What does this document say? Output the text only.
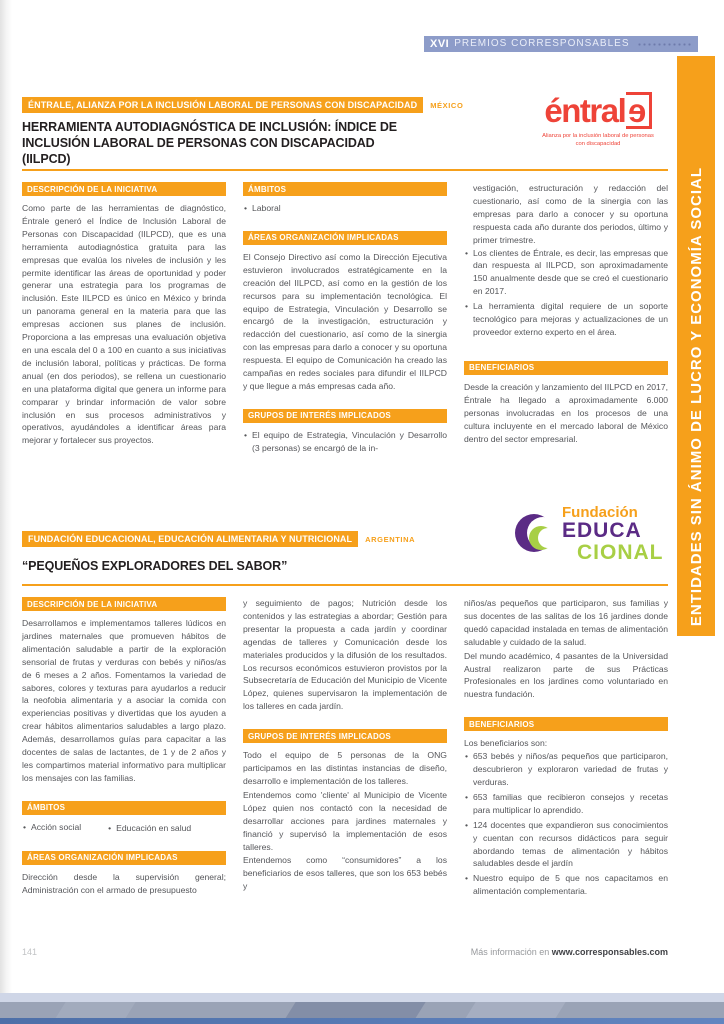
XVI PREMIOS CORRESPONSABLES
ENTIDADES SIN ÁNIMO DE LUCRO Y ECONOMÍA SOCIAL
ÉNTRALE, ALIANZA POR LA INCLUSIÓN LABORAL DE PERSONAS CON DISCAPACIDAD	MÉXICO
HERRAMIENTA AUTODIAGNÓSTICA DE INCLUSIÓN: ÍNDICE DE INCLUSIÓN LABORAL DE PERSONAS CON DISCAPACIDAD (IILPCD)
éntral e
Alianza por la inclusión laboral de personas con discapacidad
DESCRIPCIÓN DE LA INICIATIVA
Como parte de las herramientas de diagnóstico, Éntrale generó el Índice de Inclusión Laboral de Personas con Discapacidad (IILPCD), que es una herramienta autodiagnóstica gratuita para las empresas que evalúa los niveles de inclusión y les permite identificar las áreas de oportunidad y poder generar una estrategia para los programas de inclusión. Este IILPCD es único en México y brinda un panorama general en la materia para que las empresas accionen sus planes de inclusión. Proporciona a las empresas una evaluación objetiva en una escala del 0 a 100 en cuanto a sus iniciativas de inclusión laboral, políticas y prácticas. De forma anual (en dos periodos), se rellena un cuestionario en una plataforma digital que genera un informe para comparar y brindar información de valor sobre inclusión en sus procesos administrativos y operativos, ayudándoles a identificar áreas para mejorar y fortalecer sus proyectos.
ÁMBITOS
• Laboral
ÁREAS ORGANIZACIÓN IMPLICADAS
El Consejo Directivo así como la Dirección Ejecutiva estuvieron involucrados estratégicamente en la creación del IILPCD, así como en la gestión de los recursos para su implementación tecnológica. El equipo de Estrategia, Vinculación y Desarrollo se encargó de la investigación, estructuración y redacción del cuestionario, así como de la sinergia con las empresas para darlo a conocer y su oportuna respuesta. El equipo de Comunicación ha creado las campañas en redes sociales para difundir el IILPCD y que llegue a más empresas cada año.
GRUPOS DE INTERÉS IMPLICADOS
• El equipo de Estrategia, Vinculación y Desarrollo (3 personas) se encargó de la in-
vestigación, estructuración y redacción del cuestionario, así como de la sinergia con las empresas para darlo a conocer y su oportuna respuesta cada año durante dos periodos, último y primer trimestre.
• Los clientes de Éntrale, es decir, las empresas que dan respuesta al IILPCD, son aproximadamente 150 anualmente desde que se creó el cuestionario en 2017.
• La herramienta digital requiere de un soporte tecnológico para mejoras y actualizaciones de un proveedor externo experto en el área.
BENEFICIARIOS
Desde la creación y lanzamiento del IILPCD en 2017, Éntrale ha llegado a aproximadamente 6.000 personas involucradas en los procesos de una cultura incluyente en el mercado laboral de México dentro del sector empresarial.
Fundación
EDUCA
CIONAL
FUNDACIÓN EDUCACIONAL, EDUCACIÓN ALIMENTARIA Y NUTRICIONAL	ARGENTINA
“PEQUEÑOS EXPLORADORES DEL SABOR”
DESCRIPCIÓN DE LA INICIATIVA
Desarrollamos e implementamos talleres lúdicos en jardines maternales que promueven hábitos de alimentación saludable a partir de la exploración sensorial de frutas y verduras con bebés y niños/as de 6 meses a 2 años. Fomentamos la variedad de sabores, colores y texturas para ayudarlos a reducir la neofobia alimentaria y a asociar la comida con experiencias positivas y divertidas que los ayuden a crear hábitos alimentarios saludables a largo plazo. Además, desarrollamos guías para capacitar a las docentes de salas de lactantes, de 1 y de 2 años y les compartimos material informativo para multiplicar los mensajes con las familias.
ÁMBITOS
• Acción social	• Educación en salud
ÁREAS ORGANIZACIÓN IMPLICADAS
Dirección desde la supervisión general; Administración con el armado de presupuesto
y seguimiento de pagos; Nutrición desde los contenidos y las estrategias a abordar; Gestión para presentar la propuesta a cada jardín y coordinar agendas de talleres y Comunicación desde los materiales producidos y la difusión de los resultados. Los recursos económicos estuvieron provistos por la Subsecretaría de Educación del Municipio de Vicente López, quienes supervisaron la implementación de los talleres en cada jardín.
GRUPOS DE INTERÉS IMPLICADOS
Todo el equipo de 5 personas de la ONG participamos en las distintas instancias de diseño, desarrollo e implementación de los talleres.
Entendemos como 'cliente' al Municipio de Vicente López quien nos contactó con la necesidad de desarrollar acciones para jardines maternales y financió y supervisó la implementación de esos talleres.
Entendemos como “consumidores” a los beneficiarios de esos talleres, que son los 653 bebés y
niños/as pequeños que participaron, sus familias y sus docentes de las salitas de los 16 jardines donde quedó capacidad instalada en temas de alimentación saludable y cuidado de la salud.
Del mundo académico, 4 pasantes de la Universidad Austral realizaron parte de sus Prácticas Profesionales en los jardines como voluntariado en nuestra fundación.
BENEFICIARIOS
Los beneficiarios son:
• 653 bebés y niños/as pequeños que participaron, descubrieron y exploraron variedad de frutas y verduras.
• 653 familias que recibieron consejos y recetas para multiplicar lo aprendido.
• 124 docentes que expandieron sus conocimientos y cuentan con recursos didácticos para seguir abordando temas de alimentación y hábitos saludables desde el jardín
• Nuestro equipo de 5 que nos capacitamos en alimentación complementaria.
141	Más información en www.corresponsables.com
